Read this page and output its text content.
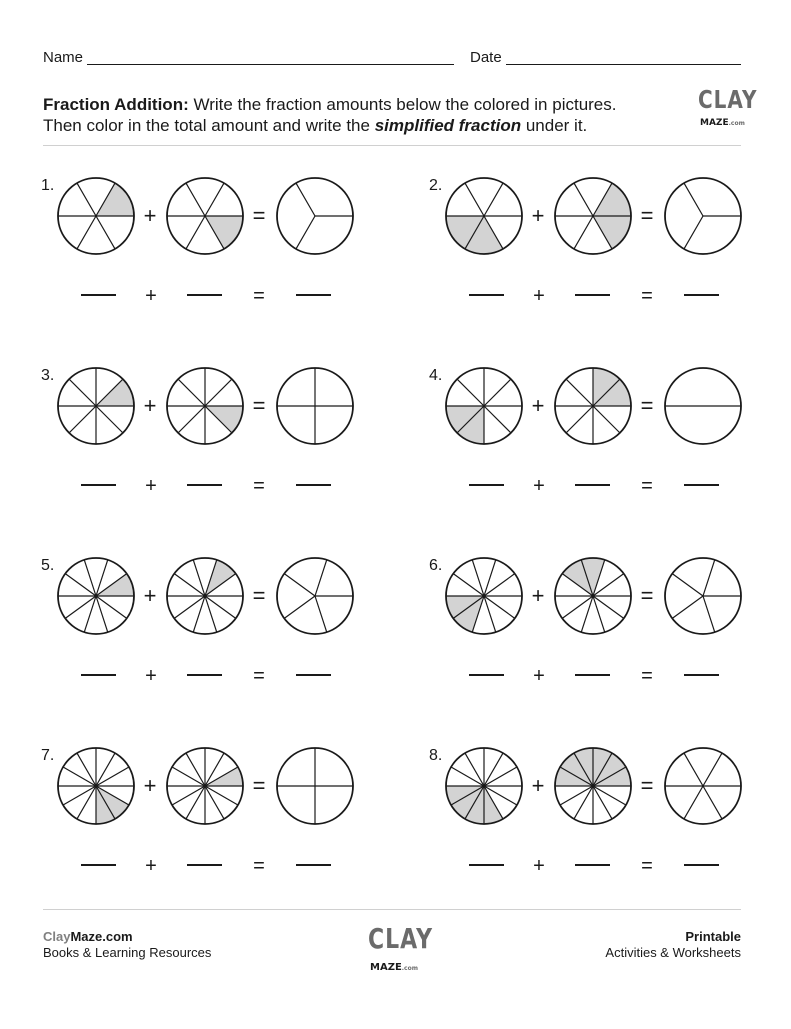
Name	Date
Fraction Addition: Write the fraction amounts below the colored in pictures.
Then color in the total amount and write the simplified fraction under it.
CLAY
MAZE.com
1.
+	=
+	=
2.
+	=
+	=
3.
+	=
+	=
4.
+	=
+	=
5.
+	=
+	=
6.
+	=
+	=
7.
+	=
+	=
8.
+	=
+	=
ClayMaze.com
Books & Learning Resources	CLAY
MAZE.com
Printable
Activities & Worksheets
